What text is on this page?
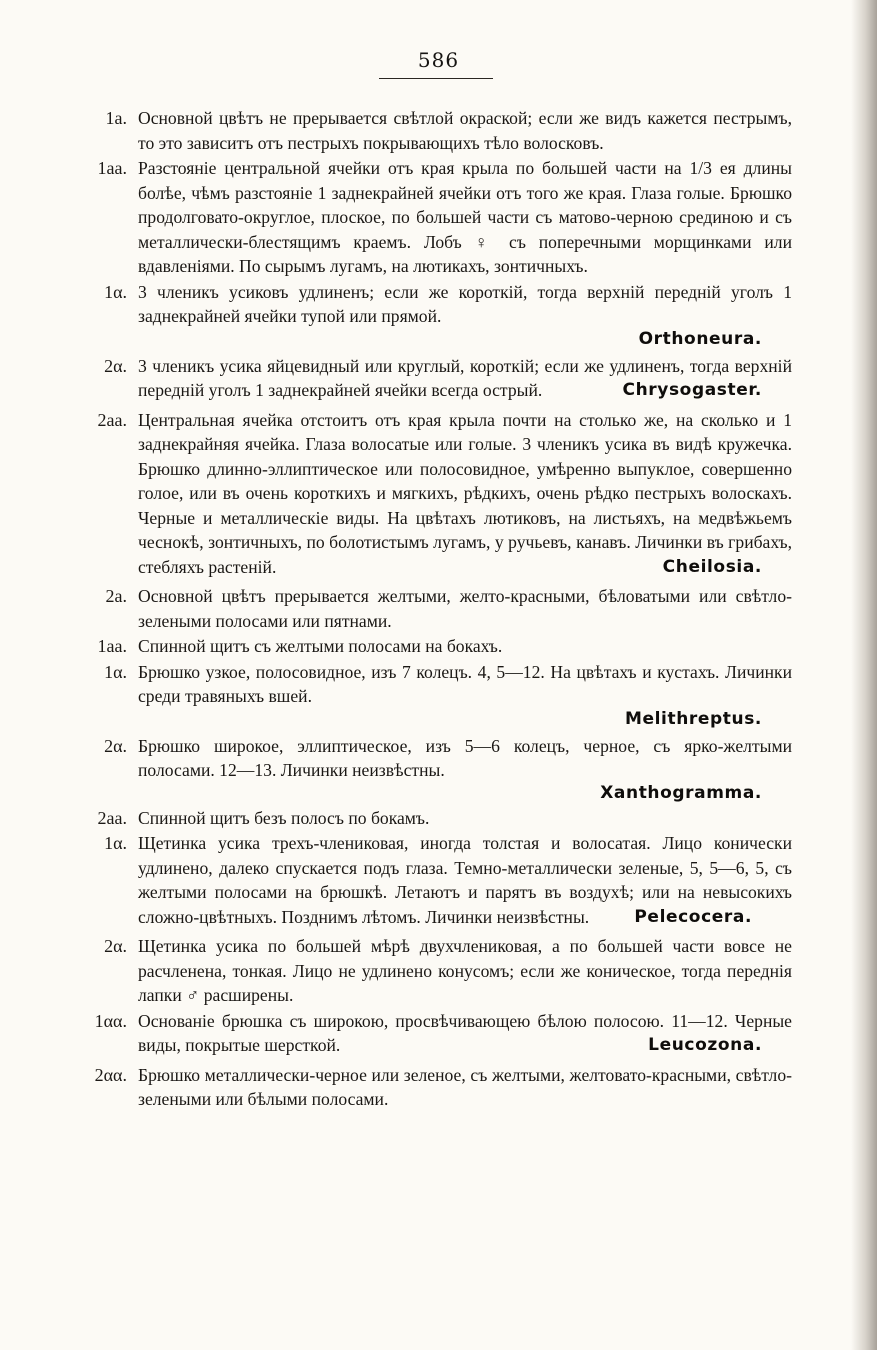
586
1a. Основной цвѣтъ не прерывается свѣтлой окраской; если же видъ кажется пестрымъ, то это зависитъ отъ пестрыхъ покрывающихъ тѣло волосковъ.
1aa. Разстояніе центральной ячейки отъ края крыла по большей части на 1/3 ея длины болѣе, чѣмъ разстояніе 1 заднекрайней ячейки отъ того же края. Глаза голые. Брюшко продолговато-округлое, плоское, по большей части съ матово-черною срединою и съ металлически-блестящимъ краемъ. Лобъ ♀ съ поперечными морщинками или вдавленіями. По сырымъ лугамъ, на лютикахъ, зонтичныхъ.
1α. 3 членикъ усиковъ удлиненъ; если же короткій, тогда верхній передній уголъ 1 заднекрайней ячейки тупой или прямой.
Orthoneura.
2α. 3 членикъ усика яйцевидный или круглый, короткій; если же удлиненъ, тогда верхній передній уголъ 1 заднекрайней ячейки всегда острый.	Chrysogaster.
2aa. Центральная ячейка отстоитъ отъ края крыла почти на столько же, на сколько и 1 заднекрайняя ячейка. Глаза волосатые или голые. 3 членикъ усика въ видѣ кружечка. Брюшко длинно-эллиптическое или полосовидное, умѣренно выпуклое, совершенно голое, или въ очень короткихъ и мягкихъ, рѣдкихъ, очень рѣдко пестрыхъ волоскахъ. Черные и металлическіе виды. На цвѣтахъ лютиковъ, на листьяхъ, на медвѣжьемъ чеснокѣ, зонтичныхъ, по болотистымъ лугамъ, у ручьевъ, канавъ. Личинки въ грибахъ, стебляхъ растеній.	Cheilosia.
2a. Основной цвѣтъ прерывается желтыми, желто-красными, бѣловатыми или свѣтло-зелеными полосами или пятнами.
1aa. Спинной щитъ съ желтыми полосами на бокахъ.
1α. Брюшко узкое, полосовидное, изъ 7 колецъ. 4, 5—12. На цвѣтахъ и кустахъ. Личинки среди травяныхъ вшей.
Melithreptus.
2α. Брюшко широкое, эллиптическое, изъ 5—6 колецъ, черное, съ ярко-желтыми полосами. 12—13. Личинки неизвѣстны.
Xanthogramma.
2aa. Спинной щитъ безъ полосъ по бокамъ.
1α. Щетинка усика трехъ-члениковая, иногда толстая и волосатая. Лицо конически удлинено, далеко спускается подъ глаза. Темно-металлически зеленые, 5, 5—6, 5, съ желтыми полосами на брюшкѣ. Летаютъ и парятъ въ воздухѣ; или на невысокихъ сложно-цвѣтныхъ. Позднимъ лѣтомъ. Личинки неизвѣстны.	Pelecocera.
2α. Щетинка усика по большей мѣрѣ двухчлениковая, а по большей части вовсе не расчленена, тонкая. Лицо не удлинено конусомъ; если же коническое, тогда переднія лапки ♂ расширены.
1αα. Основаніе брюшка съ широкою, просвѣчивающею бѣлою полосою. 11—12. Черные виды, покрытые шерсткой.	Leucozona.
2αα. Брюшко металлически-черное или зеленое, съ желтыми, желтовато-красными, свѣтло-зелеными или бѣлыми полосами.
